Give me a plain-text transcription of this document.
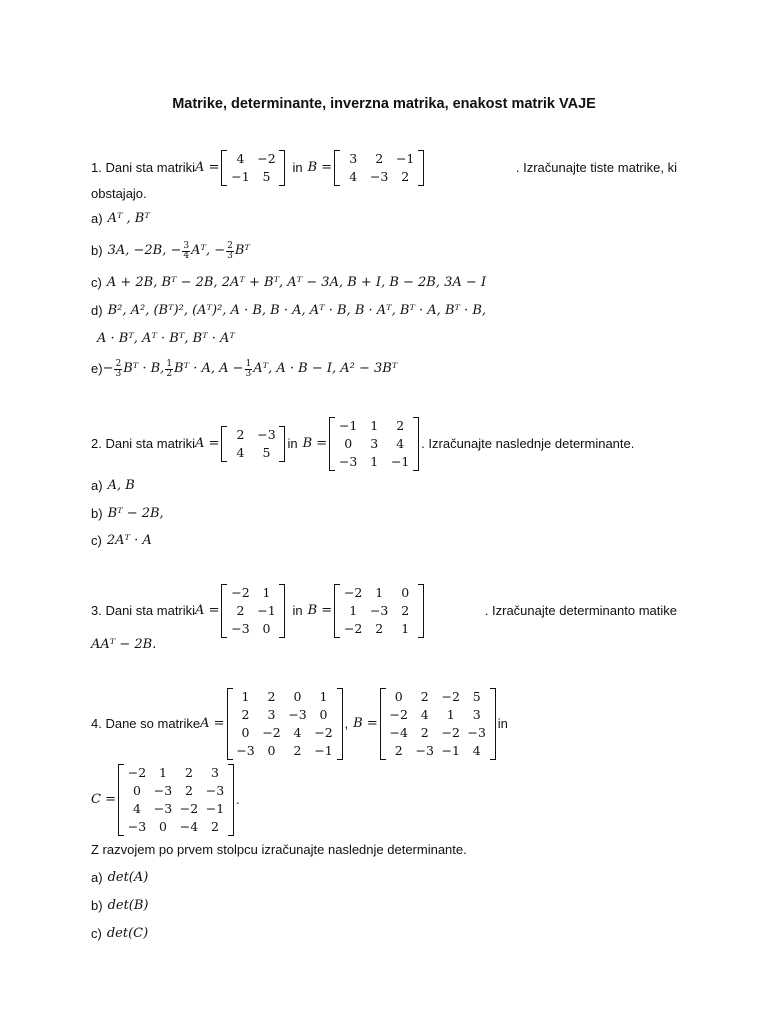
Matrike, determinante, inverzna matrika, enakost matrik VAJE
1. Dani sta matriki A =
4	−2
−1	5
in B =
3	2	−1
4	−3	2
. Izračunajte tiste matrike, ki
obstajajo.
a) Aᵀ , Bᵀ
b) 3A, −2B, − $\frac{3}{4}$ Aᵀ, − $\frac{2}{3}$ Bᵀ
c) A + 2B, Bᵀ − 2B, 2Aᵀ + Bᵀ, Aᵀ − 3A, B + I, B − 2B, 3A − I
d) B², A², (Bᵀ)², (Aᵀ)², A · B, B · A, Aᵀ · B, B · Aᵀ, Bᵀ · A, Bᵀ · B,
A · Bᵀ, Aᵀ · Bᵀ, Bᵀ · Aᵀ
$e) - \frac{2}{3}$ Bᵀ · B, $\frac{1}{2}$ Bᵀ · A, $A - \frac{1}{3}$ Aᵀ, A · B − I, A² − 3Bᵀ
2. Dani sta matriki A =
2	−3
4	5
in B =
−1	1	2
0	3	4
−3	1	−1
. Izračunajte naslednje determinante.
a) A, B
b) Bᵀ − 2B,
c) 2Aᵀ · A
3. Dani sta matriki A =
−2	1
2	−1
−3	0
in B =
−2	1	0
1	−3	2
−2	2	1
. Izračunajte determinanto matike
AAᵀ − 2B.
4. Dane so matrike A =
1	2	0	1
2	3	−3	0
0	−2	4	−2
−3	0	2	−1
, B =
0	2	−2	5
−2	4	1	3
−4	2	−2 −3
2	−3 −1	4
in
C =
−2	1	2	3
0	−3	2	−3
4	−3 −2 −1
−3	0	−4	2
.
Z razvojem po prvem stolpcu izračunajte naslednje determinante.
a) det(A)
b) det(B)
c) det(C)
